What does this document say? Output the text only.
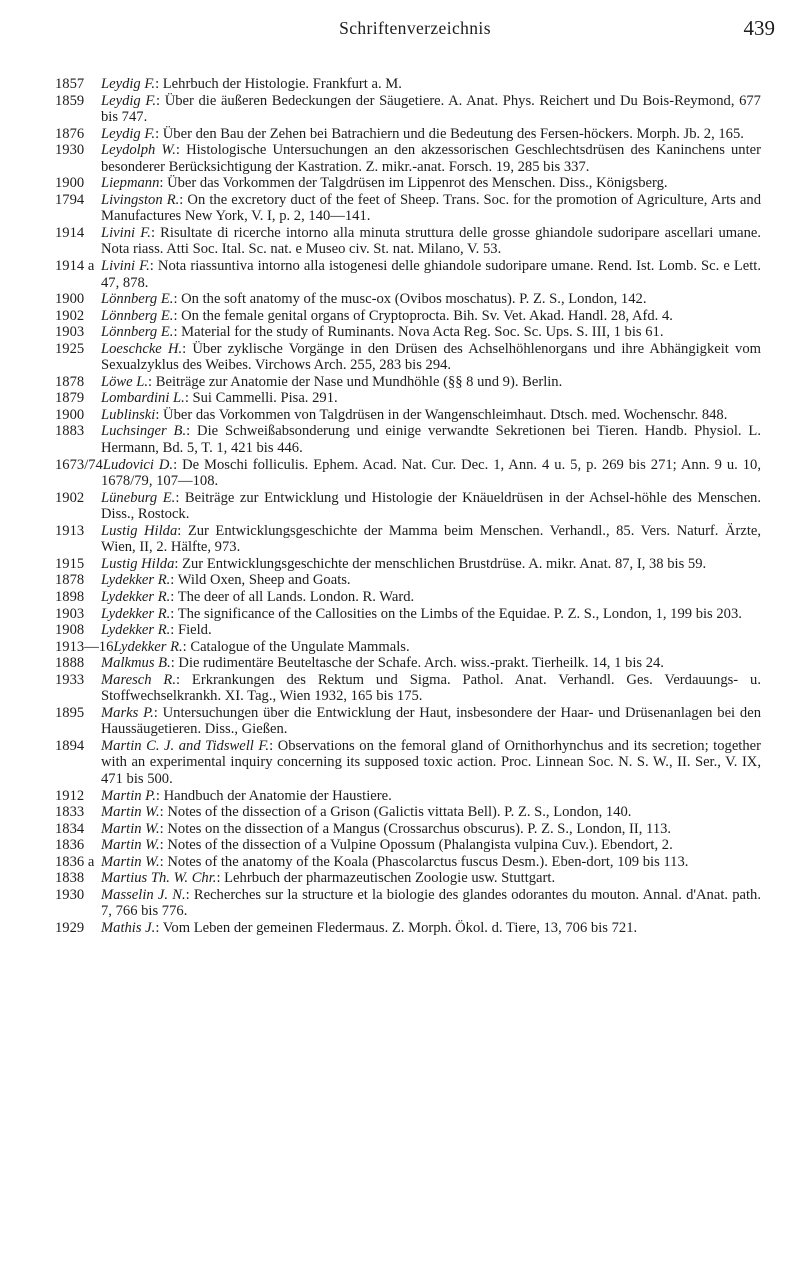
Schriftenverzeichnis	439
1857 Leydig F.: Lehrbuch der Histologie. Frankfurt a. M.
1859 Leydig F.: Über die äußeren Bedeckungen der Säugetiere. A. Anat. Phys. Reichert und Du Bois-Reymond, 677 bis 747.
1876 Leydig F.: Über den Bau der Zehen bei Batrachiern und die Bedeutung des Fersen-höckers. Morph. Jb. 2, 165.
1930 Leydolph W.: Histologische Untersuchungen an den akzessorischen Geschlechtsdrüsen des Kaninchens unter besonderer Berücksichtigung der Kastration. Z. mikr.-anat. Forsch. 19, 285 bis 337.
1900 Liepmann: Über das Vorkommen der Talgdrüsen im Lippenrot des Menschen. Diss., Königsberg.
1794 Livingston R.: On the excretory duct of the feet of Sheep. Trans. Soc. for the promotion of Agriculture, Arts and Manufactures New York, V. I, p. 2, 140—141.
1914 Livini F.: Risultate di ricerche intorno alla minuta struttura delle grosse ghiandole sudoripare ascellari umane. Nota riass. Atti Soc. Ital. Sc. nat. e Museo civ. St. nat. Milano, V. 53.
1914 a Livini F.: Nota riassuntiva intorno alla istogenesi delle ghiandole sudoripare umane. Rend. Ist. Lomb. Sc. e Lett. 47, 878.
1900 Lönnberg E.: On the soft anatomy of the musc-ox (Ovibos moschatus). P. Z. S., London, 142.
1902 Lönnberg E.: On the female genital organs of Cryptoprocta. Bih. Sv. Vet. Akad. Handl. 28, Afd. 4.
1903 Lönnberg E.: Material for the study of Ruminants. Nova Acta Reg. Soc. Sc. Ups. S. III, 1 bis 61.
1925 Loeschcke H.: Über zyklische Vorgänge in den Drüsen des Achselhöhlenorgans und ihre Abhängigkeit vom Sexualzyklus des Weibes. Virchows Arch. 255, 283 bis 294.
1878 Löwe L.: Beiträge zur Anatomie der Nase und Mundhöhle (§§ 8 und 9). Berlin.
1879 Lombardini L.: Sui Cammelli. Pisa. 291.
1900 Lublinski: Über das Vorkommen von Talgdrüsen in der Wangenschleimhaut. Dtsch. med. Wochenschr. 848.
1883 Luchsinger B.: Die Schweißabsonderung und einige verwandte Sekretionen bei Tieren. Handb. Physiol. L. Hermann, Bd. 5, T. 1, 421 bis 446.
1673/74Ludovici D.: De Moschi folliculis. Ephem. Acad. Nat. Cur. Dec. 1, Ann. 4 u. 5, p. 269 bis 271; Ann. 9 u. 10, 1678/79, 107—108.
1902 Lüneburg E.: Beiträge zur Entwicklung und Histologie der Knäueldrüsen in der Achsel-höhle des Menschen. Diss., Rostock.
1913 Lustig Hilda: Zur Entwicklungsgeschichte der Mamma beim Menschen. Verhandl., 85. Vers. Naturf. Ärzte, Wien, II, 2. Hälfte, 973.
1915 Lustig Hilda: Zur Entwicklungsgeschichte der menschlichen Brustdrüse. A. mikr. Anat. 87, I, 38 bis 59.
1878 Lydekker R.: Wild Oxen, Sheep and Goats.
1898 Lydekker R.: The deer of all Lands. London. R. Ward.
1903 Lydekker R.: The significance of the Callosities on the Limbs of the Equidae. P. Z. S., London, 1, 199 bis 203.
1908 Lydekker R.: Field.
1913—16Lydekker R.: Catalogue of the Ungulate Mammals.
1888 Malkmus B.: Die rudimentäre Beuteltasche der Schafe. Arch. wiss.-prakt. Tierheilk. 14, 1 bis 24.
1933 Maresch R.: Erkrankungen des Rektum und Sigma. Pathol. Anat. Verhandl. Ges. Verdauungs- u. Stoffwechselkrankh. XI. Tag., Wien 1932, 165 bis 175.
1895 Marks P.: Untersuchungen über die Entwicklung der Haut, insbesondere der Haar- und Drüsenanlagen bei den Haussäugetieren. Diss., Gießen.
1894 Martin C. J. and Tidswell F.: Observations on the femoral gland of Ornithorhynchus and its secretion; together with an experimental inquiry concerning its supposed toxic action. Proc. Linnean Soc. N. S. W., II. Ser., V. IX, 471 bis 500.
1912 Martin P.: Handbuch der Anatomie der Haustiere.
1833 Martin W.: Notes of the dissection of a Grison (Galictis vittata Bell). P. Z. S., London, 140.
1834 Martin W.: Notes on the dissection of a Mangus (Crossarchus obscurus). P. Z. S., London, II, 113.
1836 Martin W.: Notes of the dissection of a Vulpine Opossum (Phalangista vulpina Cuv.). Ebendort, 2.
1836 a Martin W.: Notes of the anatomy of the Koala (Phascolarctus fuscus Desm.). Eben-dort, 109 bis 113.
1838 Martius Th. W. Chr.: Lehrbuch der pharmazeutischen Zoologie usw. Stuttgart.
1930 Masselin J. N.: Recherches sur la structure et la biologie des glandes odorantes du mouton. Annal. d'Anat. path. 7, 766 bis 776.
1929 Mathis J.: Vom Leben der gemeinen Fledermaus. Z. Morph. Ökol. d. Tiere, 13, 706 bis 721.
